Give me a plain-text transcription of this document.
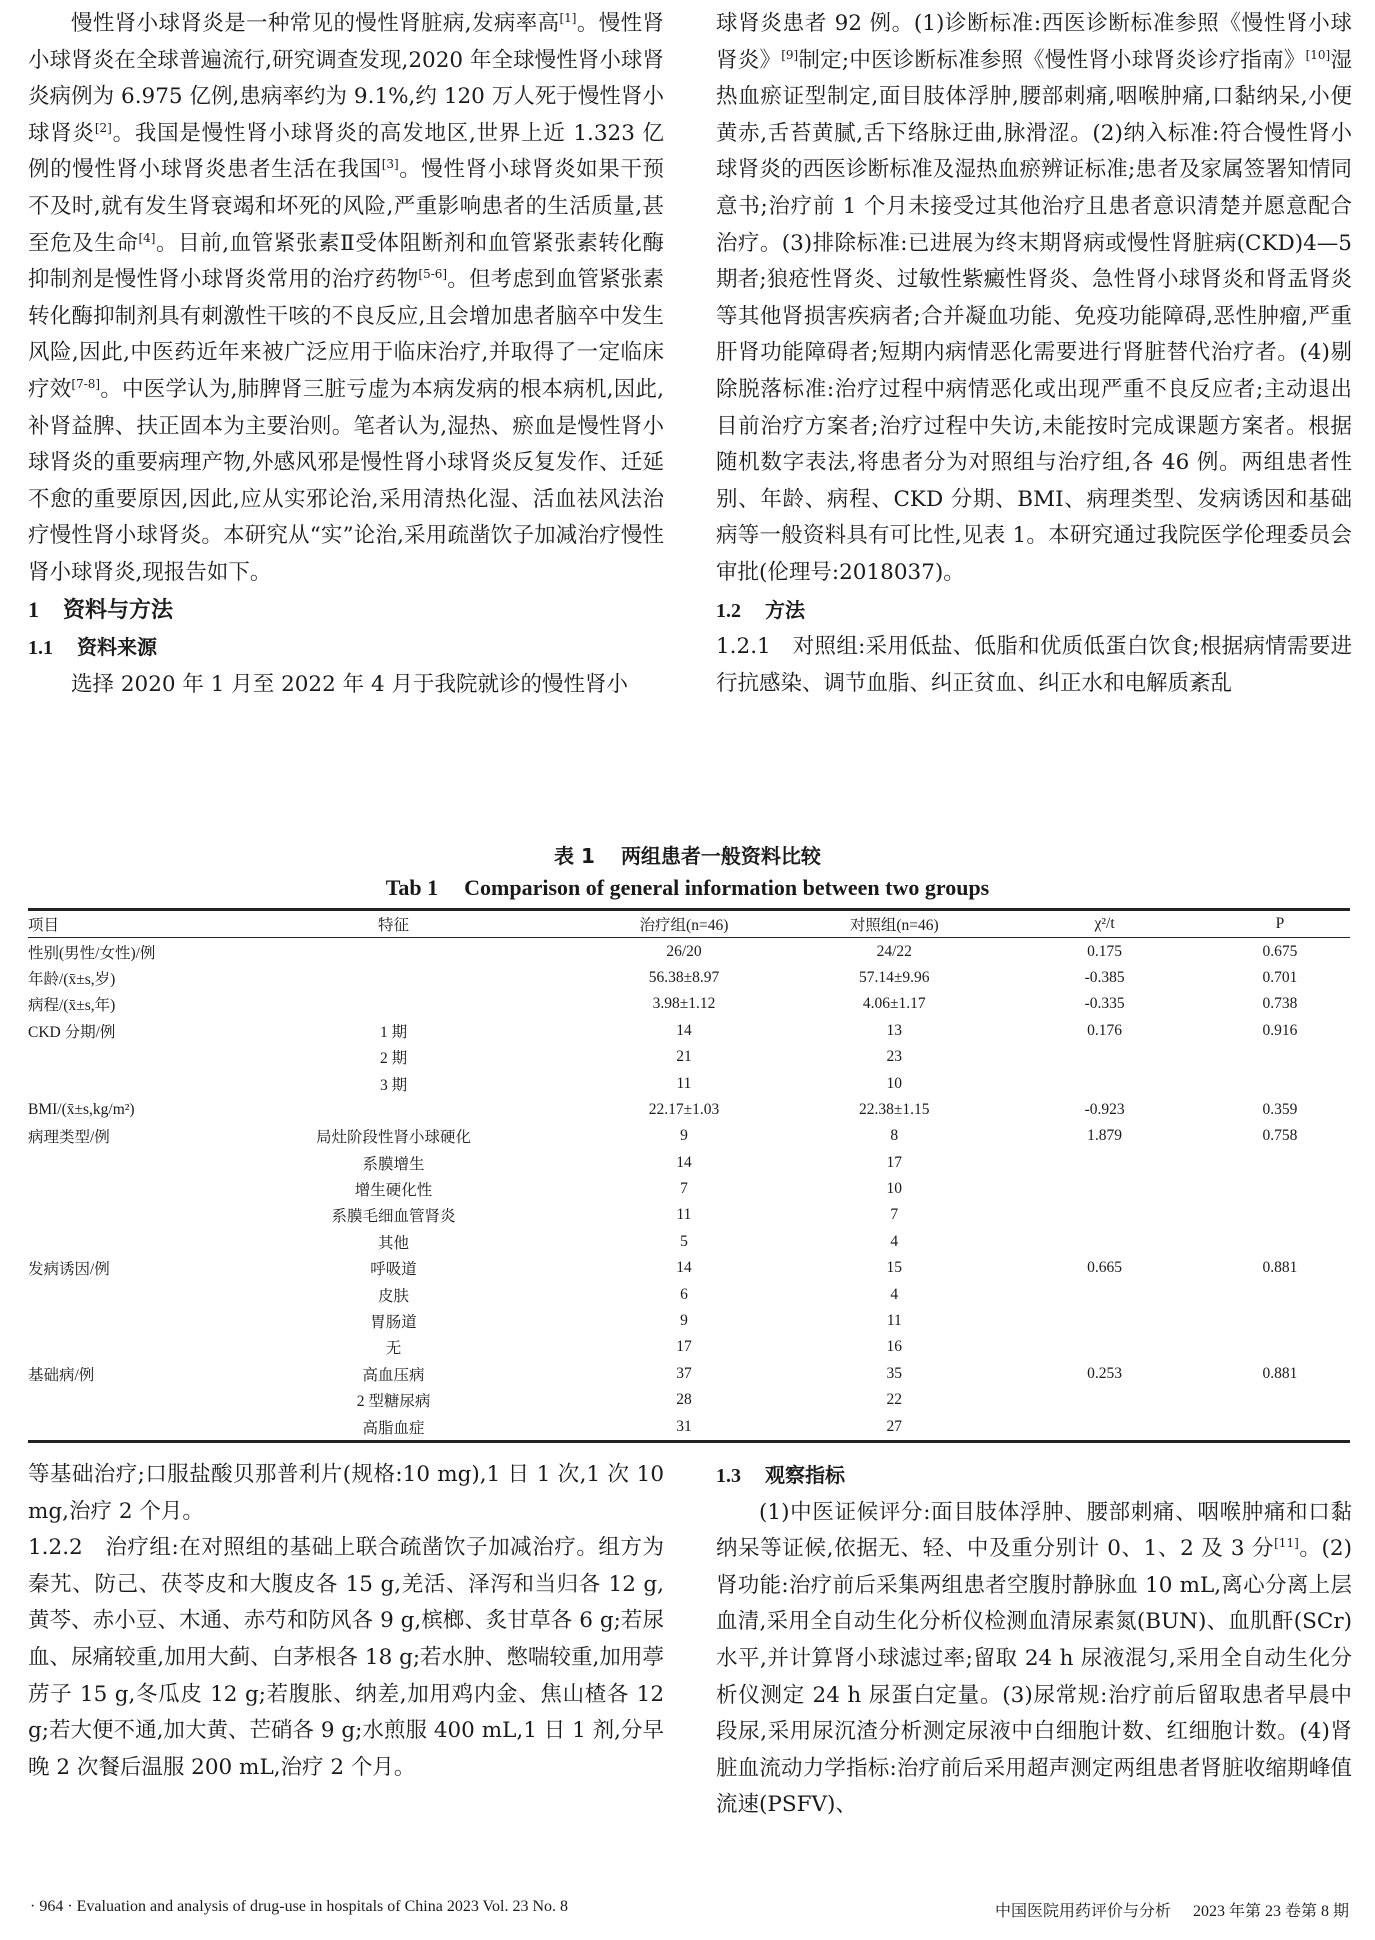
慢性肾小球肾炎是一种常见的慢性肾脏病,发病率高[1]。慢性肾小球肾炎在全球普遍流行,研究调查发现,2020 年全球慢性肾小球肾炎病例为 6.975 亿例,患病率约为 9.1%,约 120 万人死于慢性肾小球肾炎[2]。我国是慢性肾小球肾炎的高发地区,世界上近 1.323 亿例的慢性肾小球肾炎患者生活在我国[3]。慢性肾小球肾炎如果干预不及时,就有发生肾衰竭和坏死的风险,严重影响患者的生活质量,甚至危及生命[4]。目前,血管紧张素Ⅱ受体阻断剂和血管紧张素转化酶抑制剂是慢性肾小球肾炎常用的治疗药物[5-6]。但考虑到血管紧张素转化酶抑制剂具有刺激性干咳的不良反应,且会增加患者脑卒中发生风险,因此,中医药近年来被广泛应用于临床治疗,并取得了一定临床疗效[7-8]。中医学认为,肺脾肾三脏亏虚为本病发病的根本病机,因此,补肾益脾、扶正固本为主要治则。笔者认为,湿热、瘀血是慢性肾小球肾炎的重要病理产物,外感风邪是慢性肾小球肾炎反复发作、迁延不愈的重要原因,因此,应从实邪论治,采用清热化湿、活血祛风法治疗慢性肾小球肾炎。本研究从“实”论治,采用疏凿饮子加减治疗慢性肾小球肾炎,现报告如下。

1 资料与方法

1.1 资料来源

选择 2020 年 1 月至 2022 年 4 月于我院就诊的慢性肾小

球肾炎患者 92 例。(1)诊断标准:西医诊断标准参照《慢性肾小球肾炎》[9]制定;中医诊断标准参照《慢性肾小球肾炎诊疗指南》[10]湿热血瘀证型制定,面目肢体浮肿,腰部刺痛,咽喉肿痛,口黏纳呆,小便黄赤,舌苔黄腻,舌下络脉迂曲,脉滑涩。(2)纳入标准:符合慢性肾小球肾炎的西医诊断标准及湿热血瘀辨证标准;患者及家属签署知情同意书;治疗前 1 个月未接受过其他治疗且患者意识清楚并愿意配合治疗。(3)排除标准:已进展为终末期肾病或慢性肾脏病(CKD)4—5 期者;狼疮性肾炎、过敏性紫癜性肾炎、急性肾小球肾炎和肾盂肾炎等其他肾损害疾病者;合并凝血功能、免疫功能障碍,恶性肿瘤,严重肝肾功能障碍者;短期内病情恶化需要进行肾脏替代治疗者。(4)剔除脱落标准:治疗过程中病情恶化或出现严重不良反应者;主动退出目前治疗方案者;治疗过程中失访,未能按时完成课题方案者。根据随机数字表法,将患者分为对照组与治疗组,各 46 例。两组患者性别、年龄、病程、CKD 分期、BMI、病理类型、发病诱因和基础病等一般资料具有可比性,见表 1。本研究通过我院医学伦理委员会审批(伦理号:2018037)。

1.2 方法

1.2.1　对照组:采用低盐、低脂和优质低蛋白饮食;根据病情需要进行抗感染、调节血脂、纠正贫血、纠正水和电解质紊乱

表 1 两组患者一般资料比较
Tab 1 Comparison of general information between two groups
项目	特征	治疗组(n=46)	对照组(n=46)	χ²/t	P
性别(男性/女性)/例		26/20	24/22	0.175	0.675
年龄/(x̄±s,岁)		56.38±8.97	57.14±9.96	-0.385	0.701
病程/(x̄±s,年)		3.98±1.12	4.06±1.17	-0.335	0.738
CKD 分期/例	1 期	14	13	0.176	0.916
	2 期	21	23		
	3 期	11	10		
BMI/(x̄±s,kg/m²)		22.17±1.03	22.38±1.15	-0.923	0.359
病理类型/例	局灶阶段性肾小球硬化	9	8	1.879	0.758
	系膜增生	14	17		
	增生硬化性	7	10		
	系膜毛细血管肾炎	11	7		
	其他	5	4		
发病诱因/例	呼吸道	14	15	0.665	0.881
	皮肤	6	4		
	胃肠道	9	11		
	无	17	16		
基础病/例	高血压病	37	35	0.253	0.881
	2 型糖尿病	28	22		
	高脂血症	31	27		

等基础治疗;口服盐酸贝那普利片(规格:10 mg),1 日 1 次,1 次 10 mg,治疗 2 个月。

1.2.2　治疗组:在对照组的基础上联合疏凿饮子加减治疗。组方为秦艽、防己、茯苓皮和大腹皮各 15 g,羌活、泽泻和当归各 12 g,黄芩、赤小豆、木通、赤芍和防风各 9 g,槟榔、炙甘草各 6 g;若尿血、尿痛较重,加用大蓟、白茅根各 18 g;若水肿、憋喘较重,加用葶苈子 15 g,冬瓜皮 12 g;若腹胀、纳差,加用鸡内金、焦山楂各 12 g;若大便不通,加大黄、芒硝各 9 g;水煎服 400 mL,1 日 1 剂,分早晚 2 次餐后温服 200 mL,治疗 2 个月。

1.3 观察指标

(1)中医证候评分:面目肢体浮肿、腰部刺痛、咽喉肿痛和口黏纳呆等证候,依据无、轻、中及重分别计 0、1、2 及 3 分[11]。(2)肾功能:治疗前后采集两组患者空腹肘静脉血 10 mL,离心分离上层血清,采用全自动生化分析仪检测血清尿素氮(BUN)、血肌酐(SCr)水平,并计算肾小球滤过率;留取 24 h 尿液混匀,采用全自动生化分析仪测定 24 h 尿蛋白定量。(3)尿常规:治疗前后留取患者早晨中段尿,采用尿沉渣分析测定尿液中白细胞计数、红细胞计数。(4)肾脏血流动力学指标:治疗前后采用超声测定两组患者肾脏收缩期峰值流速(PSFV)、

· 964 · Evaluation and analysis of drug-use in hospitals of China 2023 Vol. 23 No. 8	中国医院用药评价与分析 2023 年第 23 卷第 8 期
